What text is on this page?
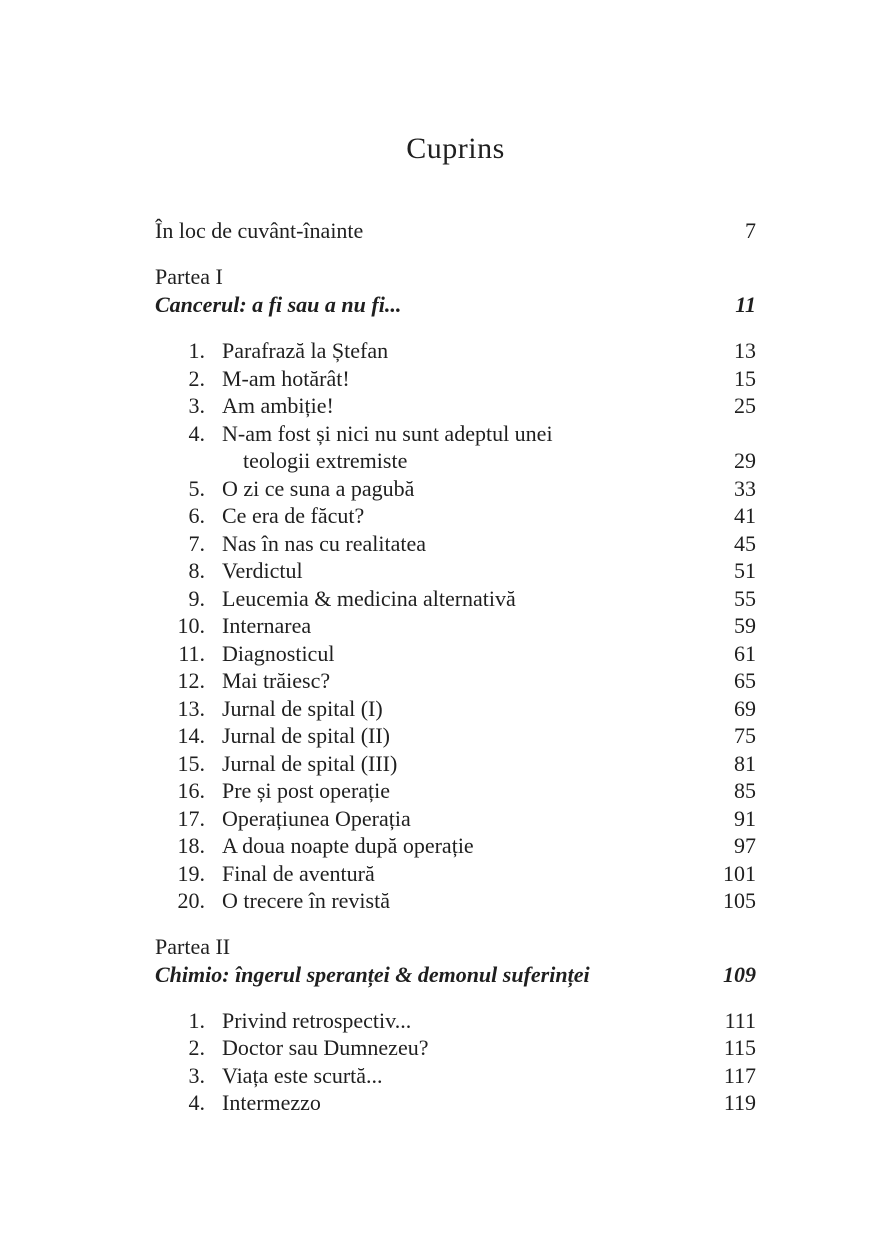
Cuprins
În loc de cuvânt-înainte	7
Partea I
Cancerul: a fi sau a nu fi...	11
1. Parafrază la Ștefan	13
2. M-am hotărât!	15
3. Am ambiție!	25
4. N-am fost și nici nu sunt adeptul unei
teologii extremiste	29
5. O zi ce suna a pagubă	33
6. Ce era de făcut?	41
7. Nas în nas cu realitatea	45
8. Verdictul	51
9. Leucemia & medicina alternativă	55
10. Internarea	59
11. Diagnosticul	61
12. Mai trăiesc?	65
13. Jurnal de spital (I)	69
14. Jurnal de spital (II)	75
15. Jurnal de spital (III)	81
16. Pre și post operație	85
17. Operațiunea Operația	91
18. A doua noapte după operație	97
19. Final de aventură	101
20. O trecere în revistă	105
Partea II
Chimio: îngerul speranței & demonul suferinței	109
1. Privind retrospectiv...	111
2. Doctor sau Dumnezeu?	115
3. Viața este scurtă...	117
4. Intermezzo	119
